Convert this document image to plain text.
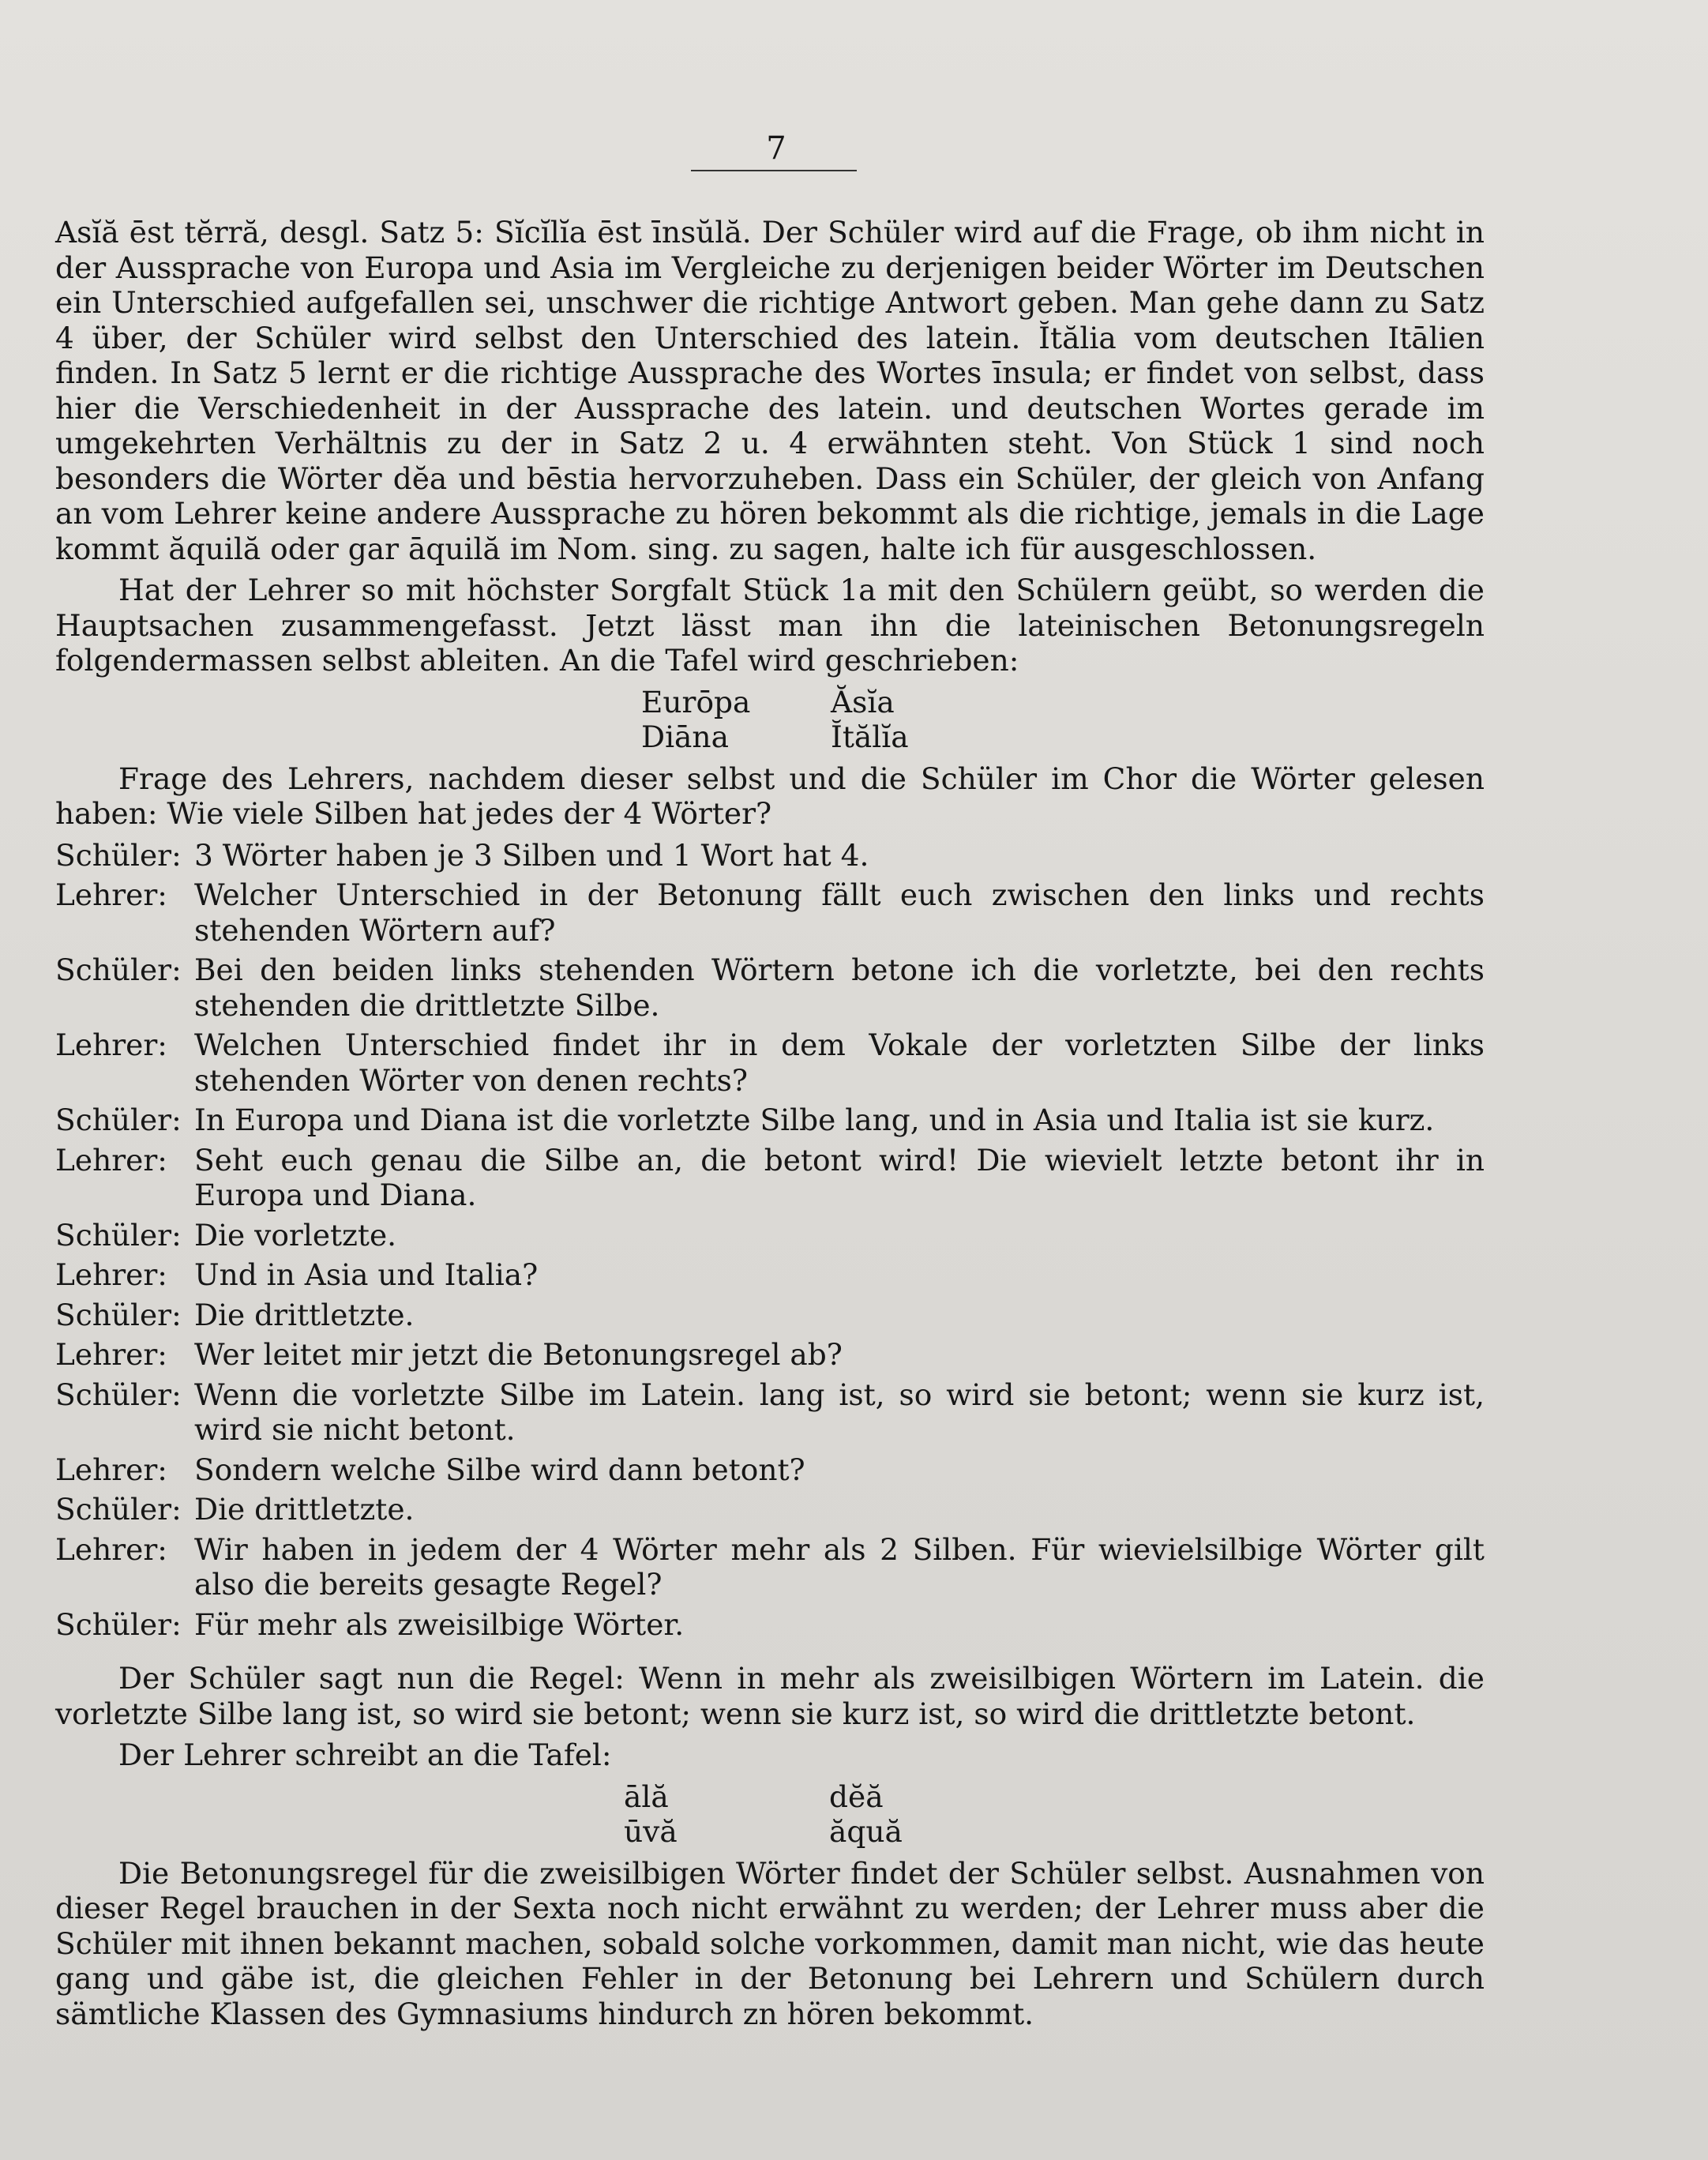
7

Asĭă ēst tĕrră, desgl. Satz 5: Sĭcĭlĭa ēst īnsŭlă. Der Schüler wird auf die Frage, ob ihm nicht in der Aussprache von Europa und Asia im Vergleiche zu derjenigen beider Wörter im Deutschen ein Unterschied aufgefallen sei, unschwer die richtige Antwort geben. Man gehe dann zu Satz 4 über, der Schüler wird selbst den Unterschied des latein. Ĭtălia vom deutschen Itālien finden. In Satz 5 lernt er die richtige Aussprache des Wortes īnsula; er findet von selbst, dass hier die Verschiedenheit in der Aussprache des latein. und deutschen Wortes gerade im umgekehrten Verhältnis zu der in Satz 2 u. 4 erwähnten steht. Von Stück 1 sind noch besonders die Wörter dĕa und bēstia hervorzuheben. Dass ein Schüler, der gleich von Anfang an vom Lehrer keine andere Aussprache zu hören bekommt als die richtige, jemals in die Lage kommt ăquilă oder gar āquilă im Nom. sing. zu sagen, halte ich für ausgeschlossen.

Hat der Lehrer so mit höchster Sorgfalt Stück 1a mit den Schülern geübt, so werden die Hauptsachen zusammengefasst. Jetzt lässt man ihn die lateinischen Betonungsregeln folgendermassen selbst ableiten. An die Tafel wird geschrieben:

Eurōpa	Ăsĭa
Diāna	Ĭtălĭa

Frage des Lehrers, nachdem dieser selbst und die Schüler im Chor die Wörter gelesen haben: Wie viele Silben hat jedes der 4 Wörter?

Schüler: 3 Wörter haben je 3 Silben und 1 Wort hat 4.
Lehrer: Welcher Unterschied in der Betonung fällt euch zwischen den links und rechts stehenden Wörtern auf?
Schüler: Bei den beiden links stehenden Wörtern betone ich die vorletzte, bei den rechts stehenden die drittletzte Silbe.
Lehrer: Welchen Unterschied findet ihr in dem Vokale der vorletzten Silbe der links stehenden Wörter von denen rechts?
Schüler: In Europa und Diana ist die vorletzte Silbe lang, und in Asia und Italia ist sie kurz.
Lehrer: Seht euch genau die Silbe an, die betont wird! Die wievielt letzte betont ihr in Europa und Diana.
Schüler: Die vorletzte.
Lehrer: Und in Asia und Italia?
Schüler: Die drittletzte.
Lehrer: Wer leitet mir jetzt die Betonungsregel ab?
Schüler: Wenn die vorletzte Silbe im Latein. lang ist, so wird sie betont; wenn sie kurz ist, wird sie nicht betont.
Lehrer: Sondern welche Silbe wird dann betont?
Schüler: Die drittletzte.
Lehrer: Wir haben in jedem der 4 Wörter mehr als 2 Silben. Für wievielsilbige Wörter gilt also die bereits gesagte Regel?
Schüler: Für mehr als zweisilbige Wörter.

Der Schüler sagt nun die Regel: Wenn in mehr als zweisilbigen Wörtern im Latein. die vorletzte Silbe lang ist, so wird sie betont; wenn sie kurz ist, so wird die drittletzte betont.

Der Lehrer schreibt an die Tafel:

ālă	dĕă
ūvă	ăquă

Die Betonungsregel für die zweisilbigen Wörter findet der Schüler selbst. Ausnahmen von dieser Regel brauchen in der Sexta noch nicht erwähnt zu werden; der Lehrer muss aber die Schüler mit ihnen bekannt machen, sobald solche vorkommen, damit man nicht, wie das heute gang und gäbe ist, die gleichen Fehler in der Betonung bei Lehrern und Schülern durch sämtliche Klassen des Gymnasiums hindurch zn hören bekommt.
